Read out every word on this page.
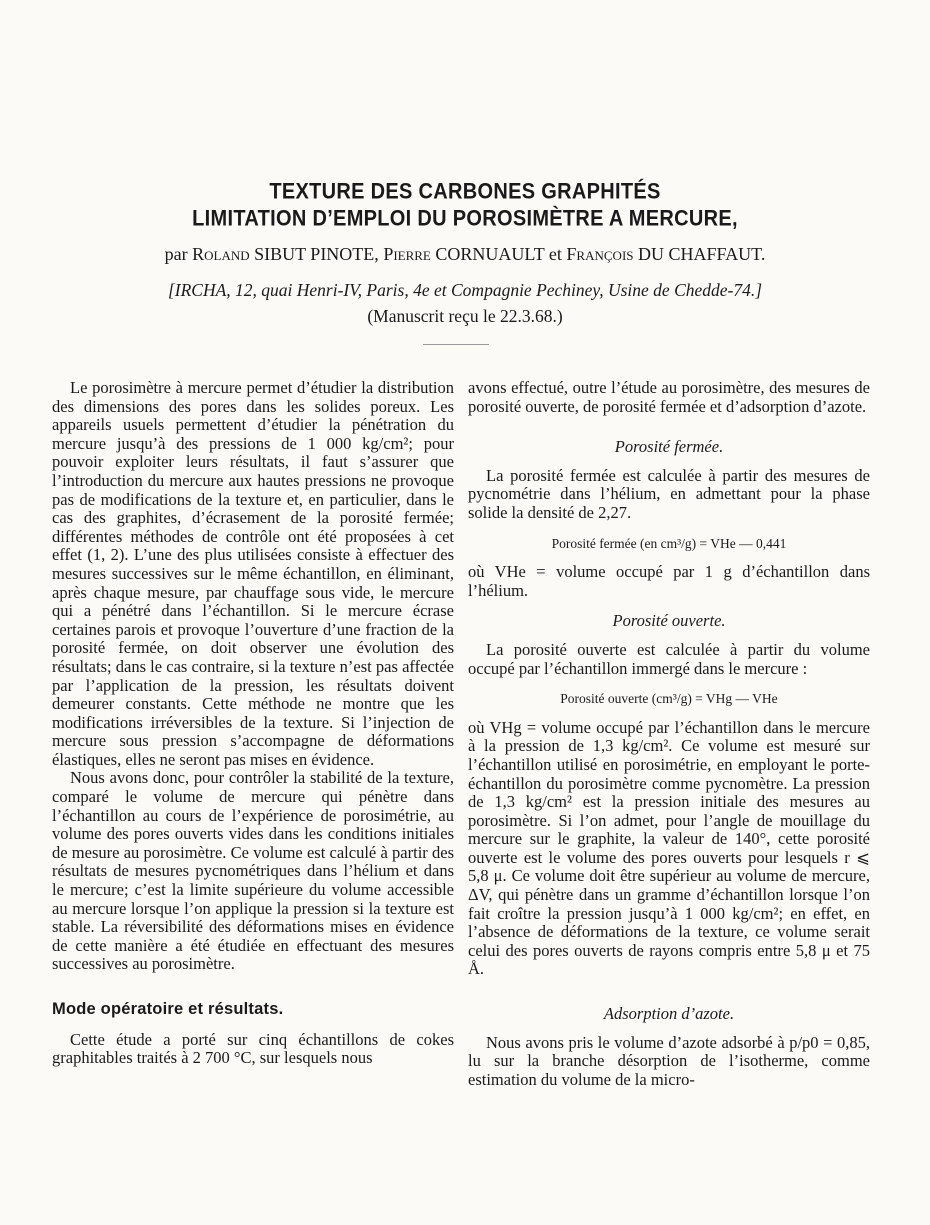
TEXTURE DES CARBONES GRAPHITÉS
LIMITATION D’EMPLOI DU POROSIMÈTRE A MERCURE,
par Roland SIBUT PINOTE, Pierre CORNUAULT et François DU CHAFFAUT.
[IRCHA, 12, quai Henri-IV, Paris, 4e et Compagnie Pechiney, Usine de Chedde-74.]
(Manuscrit reçu le 22.3.68.)

Le porosimètre à mercure permet d’étudier la distribution des dimensions des pores dans les solides poreux. Les appareils usuels permettent d’étudier la pénétration du mercure jusqu’à des pressions de 1 000 kg/cm²; pour pouvoir exploiter leurs résultats, il faut s’assurer que l’introduction du mercure aux hautes pressions ne provoque pas de modifications de la texture et, en particulier, dans le cas des graphites, d’écrasement de la porosité fermée; différentes méthodes de contrôle ont été proposées à cet effet (1, 2). L’une des plus utilisées consiste à effectuer des mesures successives sur le même échantillon, en éliminant, après chaque mesure, par chauffage sous vide, le mercure qui a pénétré dans l’échantillon. Si le mercure écrase certaines parois et provoque l’ouverture d’une fraction de la porosité fermée, on doit observer une évolution des résultats; dans le cas contraire, si la texture n’est pas affectée par l’application de la pression, les résultats doivent demeurer constants. Cette méthode ne montre que les modifications irréversibles de la texture. Si l’injection de mercure sous pression s’accompagne de déformations élastiques, elles ne seront pas mises en évidence.

Nous avons donc, pour contrôler la stabilité de la texture, comparé le volume de mercure qui pénètre dans l’échantillon au cours de l’expérience de porosimétrie, au volume des pores ouverts vides dans les conditions initiales de mesure au porosimètre. Ce volume est calculé à partir des résultats de mesures pycnométriques dans l’hélium et dans le mercure; c’est la limite supérieure du volume accessible au mercure lorsque l’on applique la pression si la texture est stable. La réversibilité des déformations mises en évidence de cette manière a été étudiée en effectuant des mesures successives au porosimètre.

Mode opératoire et résultats.

Cette étude a porté sur cinq échantillons de cokes graphitables traités à 2 700 °C, sur lesquels nous

avons effectué, outre l’étude au porosimètre, des mesures de porosité ouverte, de porosité fermée et d’adsorption d’azote.

Porosité fermée.

La porosité fermée est calculée à partir des mesures de pycnométrie dans l’hélium, en admettant pour la phase solide la densité de 2,27.

Porosité fermée (en cm³/g) = VHe — 0,441

où VHe = volume occupé par 1 g d’échantillon dans l’hélium.

Porosité ouverte.

La porosité ouverte est calculée à partir du volume occupé par l’échantillon immergé dans le mercure :

Porosité ouverte (cm³/g) = VHg — VHe

où VHg = volume occupé par l’échantillon dans le mercure à la pression de 1,3 kg/cm². Ce volume est mesuré sur l’échantillon utilisé en porosimétrie, en employant le porte-échantillon du porosimètre comme pycnomètre. La pression de 1,3 kg/cm² est la pression initiale des mesures au porosimètre. Si l’on admet, pour l’angle de mouillage du mercure sur le graphite, la valeur de 140°, cette porosité ouverte est le volume des pores ouverts pour lesquels r ⩽ 5,8 μ. Ce volume doit être supérieur au volume de mercure, ΔV, qui pénètre dans un gramme d’échantillon lorsque l’on fait croître la pression jusqu’à 1 000 kg/cm²; en effet, en l’absence de déformations de la texture, ce volume serait celui des pores ouverts de rayons compris entre 5,8 μ et 75 Å.

Adsorption d’azote.

Nous avons pris le volume d’azote adsorbé à p/p0 = 0,85, lu sur la branche désorption de l’isotherme, comme estimation du volume de la micro-
